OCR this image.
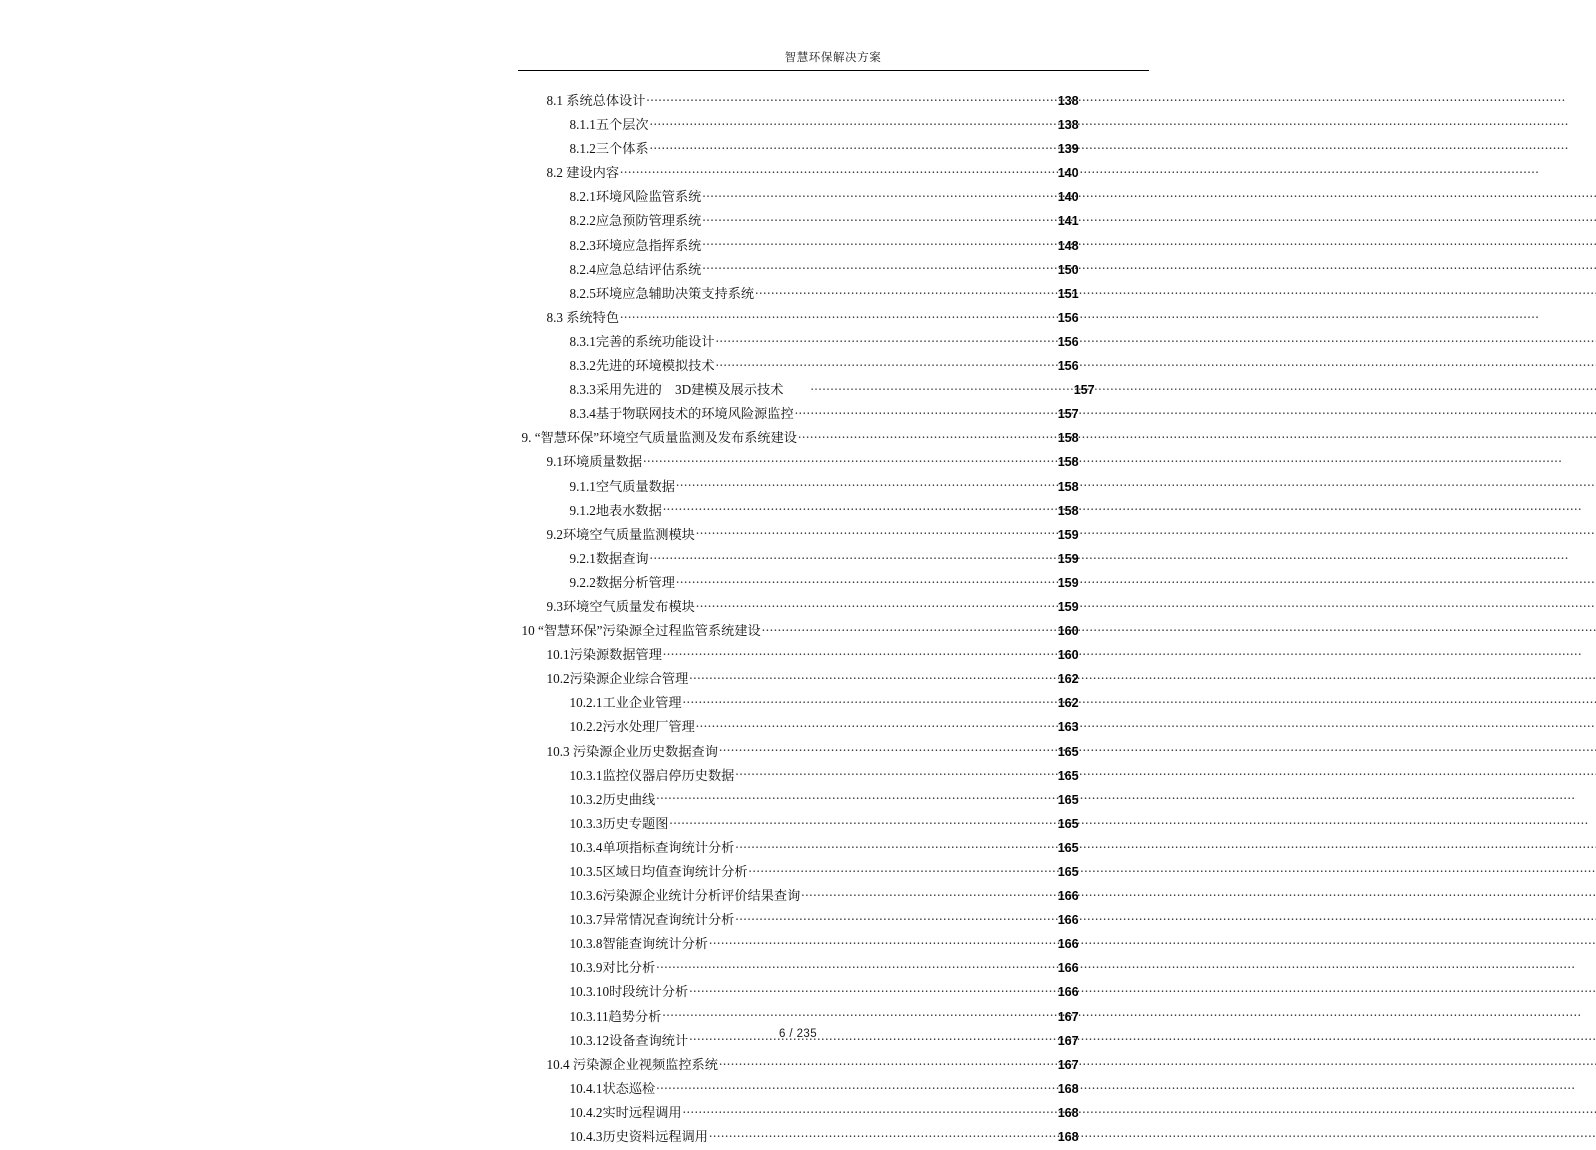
智慧环保解决方案
8.1 系统总体设计 .....	138
8.1.1五个层次 .....	138
8.1.2三个体系 .....	139
8.2 建设内容 .....	140
8.2.1环境风险监管系统 .....	140
8.2.2应急预防管理系统 .....	141
8.2.3环境应急指挥系统 .....	148
8.2.4应急总结评估系统 .....	150
8.2.5环境应急辅助决策支持系统 .....	151
8.3 系统特色 .....	156
8.3.1完善的系统功能设计 .....	156
8.3.2先进的环境模拟技术 .....	156
8.3.3采用先进的　3D建模及展示技术 .....	157
8.3.4基于物联网技术的环境风险源监控 .....	157
9. “智慧环保”环境空气质量监测及发布系统建设 .....	158
9.1环境质量数据 .....	158
9.1.1空气质量数据 .....	158
9.1.2地表水数据 .....	158
9.2环境空气质量监测模块 .....	159
9.2.1数据查询 .....	159
9.2.2数据分析管理 .....	159
9.3环境空气质量发布模块 .....	159
10 “智慧环保”污染源全过程监管系统建设 .....	160
10.1污染源数据管理 .....	160
10.2污染源企业综合管理 .....	162
10.2.1工业企业管理 .....	162
10.2.2污水处理厂管理 .....	163
10.3 污染源企业历史数据查询 .....	165
10.3.1监控仪器启停历史数据 .....	165
10.3.2历史曲线 .....	165
10.3.3历史专题图 .....	165
10.3.4单项指标查询统计分析 .....	165
10.3.5区域日均值查询统计分析 .....	165
10.3.6污染源企业统计分析评价结果查询 .....	166
10.3.7异常情况查询统计分析 .....	166
10.3.8智能查询统计分析 .....	166
10.3.9对比分析 .....	166
10.3.10时段统计分析 .....	166
10.3.11趋势分析 .....	167
10.3.12设备查询统计 .....	167
10.4 污染源企业视频监控系统 .....	167
10.4.1状态巡检 .....	168
10.4.2实时远程调用 .....	168
10.4.3历史资料远程调用 .....	168
6 / 235
